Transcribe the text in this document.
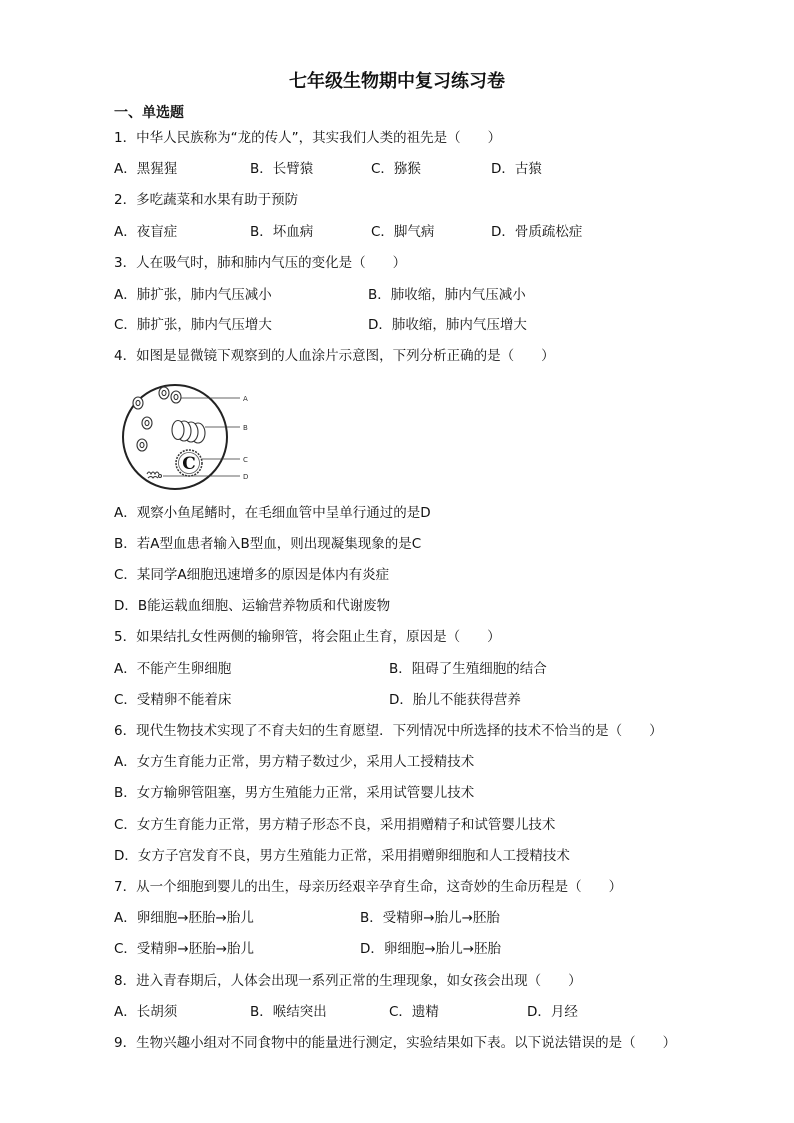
七年级生物期中复习练习卷
一、单选题
1．中华人民族称为“龙的传人”，其实我们人类的祖先是（　　）
A．黑猩猩	B．长臂猿	C．猕猴	D．古猿
2．多吃蔬菜和水果有助于预防
A．夜盲症	B．坏血病	C．脚气病	D．骨质疏松症
3．人在吸气时，肺和肺内气压的变化是（　　）
A．肺扩张，肺内气压减小	B．肺收缩，肺内气压减小
C．肺扩张，肺内气压增大	D．肺收缩，肺内气压增大
4．如图是显微镜下观察到的人血涂片示意图，下列分析正确的是（　　）
C
A
B
C
D
A．观察小鱼尾鳍时，在毛细血管中呈单行通过的是D
B．若A型血患者输入B型血，则出现凝集现象的是C
C．某同学A细胞迅速增多的原因是体内有炎症
D．B能运载血细胞、运输营养物质和代谢废物
5．如果结扎女性两侧的输卵管，将会阻止生育，原因是（　　）
A．不能产生卵细胞	B．阻碍了生殖细胞的结合
C．受精卵不能着床	D．胎儿不能获得营养
6．现代生物技术实现了不育夫妇的生育愿望．下列情况中所选择的技术不恰当的是（　　）
A．女方生育能力正常，男方精子数过少，采用人工授精技术
B．女方输卵管阻塞，男方生殖能力正常，采用试管婴儿技术
C．女方生育能力正常，男方精子形态不良，采用捐赠精子和试管婴儿技术
D．女方子宫发育不良，男方生殖能力正常，采用捐赠卵细胞和人工授精技术
7．从一个细胞到婴儿的出生，母亲历经艰辛孕育生命，这奇妙的生命历程是（　　）
A．卵细胞→胚胎→胎儿	B．受精卵→胎儿→胚胎
C．受精卵→胚胎→胎儿	D．卵细胞→胎儿→胚胎
8．进入青春期后，人体会出现一系列正常的生理现象，如女孩会出现（　　）
A．长胡须	B．喉结突出	C．遗精	D．月经
9．生物兴趣小组对不同食物中的能量进行测定，实验结果如下表。以下说法错误的是（　　）
